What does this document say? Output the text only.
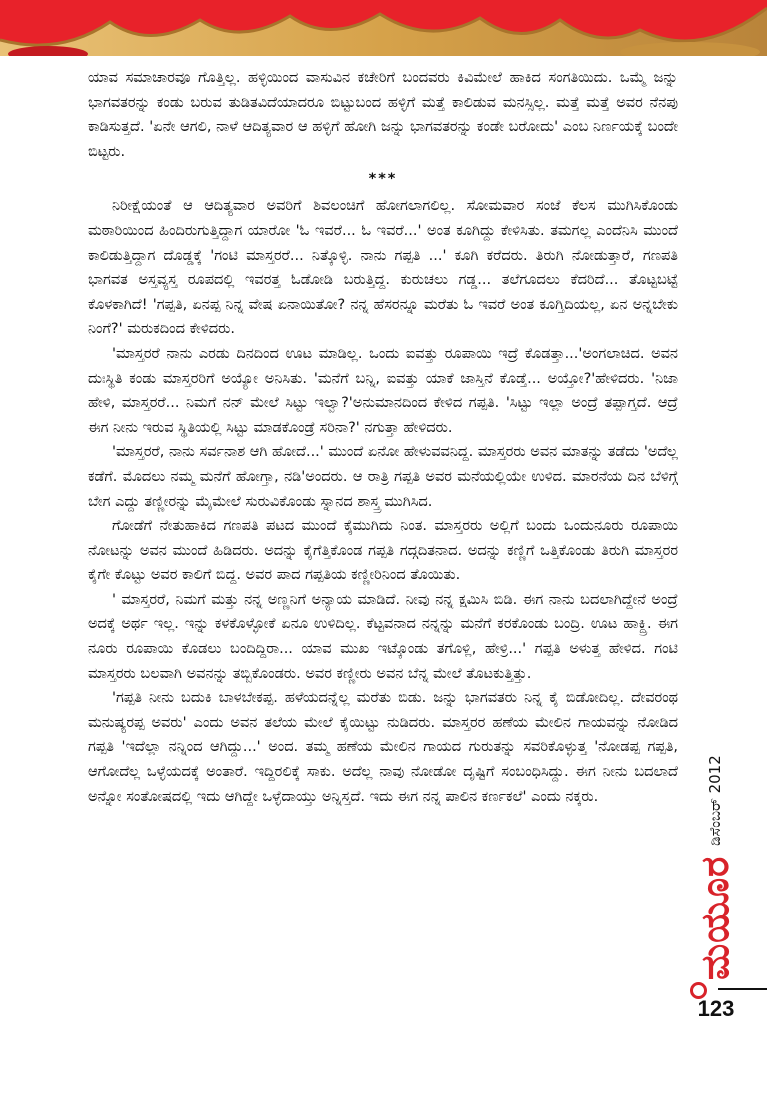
ಯಾವ ಸಮಾಚಾರವೂ ಗೊತ್ತಿಲ್ಲ. ಹಳ್ಳಿಯಿಂದ ವಾಸುವಿನ ಕಚೇರಿಗೆ ಬಂದವರು ಕಿವಿಮೇಲೆ ಹಾಕಿದ ಸಂಗತಿಯಿದು. ಒಮ್ಮೆ ಜನ್ನು ಭಾಗವತರನ್ನು ಕಂಡು ಬರುವ ತುಡಿತವಿದೆಯಾದರೂ ಬಿಟ್ಟುಬಂದ ಹಳ್ಳಿಗೆ ಮತ್ತೆ ಕಾಲಿಡುವ ಮನಸ್ಸಿಲ್ಲ. ಮತ್ತೆ ಮತ್ತೆ ಅವರ ನೆನಪು ಕಾಡಿಸುತ್ತದೆ. 'ಏನೇ ಆಗಲಿ, ನಾಳೆ ಆದಿತ್ಯವಾರ ಆ ಹಳ್ಳಿಗೆ ಹೋಗಿ ಜನ್ನು ಭಾಗವತರನ್ನು ಕಂಡೇ ಬರೋದು' ಎಂಬ ನಿರ್ಣಯಕ್ಕೆ ಬಂದೇ ಬಿಟ್ಟರು.

***

ನಿರೀಕ್ಷೆಯಂತೆ ಆ ಆದಿತ್ಯವಾರ ಅವರಿಗೆ ಶಿವಲಂಚಿಗೆ ಹೋಗಲಾಗಲಿಲ್ಲ. ಸೋಮವಾರ ಸಂಜೆ ಕೆಲಸ ಮುಗಿಸಿಕೊಂಡು ಮಠಾರಿಯಿಂದ ಹಿಂದಿರುಗುತ್ತಿದ್ದಾಗ ಯಾರೋ 'ಓ ಇವರೆ... ಓ ಇವರೆ...' ಅಂತ ಕೂಗಿದ್ದು ಕೇಳಿಸಿತು. ತಮಗಲ್ಲ ಎಂದೆನಿಸಿ ಮುಂದೆ ಕಾಲಿಡುತ್ತಿದ್ದಾಗ ದೊಡ್ಡಕ್ಕೆ 'ಗಂಟಿ ಮಾಸ್ತರರೆ... ನಿತ್ಕೊಳ್ಳಿ. ನಾನು ಗಪ್ಪತಿ ...' ಕೂಗಿ ಕರೆದರು. ತಿರುಗಿ ನೋಡುತ್ತಾರೆ, ಗಣಪತಿ ಭಾಗವತ ಅಸ್ತವ್ಯಸ್ತ ರೂಪದಲ್ಲಿ ಇವರತ್ತ ಓಡೋಡಿ ಬರುತ್ತಿದ್ದ. ಕುರುಚಲು ಗಡ್ಡ... ತಲೆಗೂದಲು ಕೆದರಿದೆ... ತೊಟ್ಟಬಟ್ಟೆ ಕೊಳಕಾಗಿದೆ! 'ಗಪ್ಪತಿ, ಏನಪ್ಪ ನಿನ್ನ ವೇಷ ಏನಾಯಿತೋ? ನನ್ನ ಹೆಸರನ್ನೂ ಮರೆತು ಓ ಇವರೆ ಅಂತ ಕೂಗ್ತಿದಿಯಲ್ಲ, ಏನ ಅನ್ನಬೇಕು ನಿಂಗೆ?' ಮರುಕದಿಂದ ಕೇಳಿದರು.

'ಮಾಸ್ತರರೆ ನಾನು ಎರಡು ದಿನದಿಂದ ಊಟ ಮಾಡಿಲ್ಲ. ಒಂದು ಐವತ್ತು ರೂಪಾಯಿ ಇದ್ರೆ ಕೊಡತ್ತಾ...'ಅಂಗಲಾಚಿದ. ಅವನ ದುಃಸ್ಥಿತಿ ಕಂಡು ಮಾಸ್ತರರಿಗೆ ಅಯ್ಯೋ ಅನಿಸಿತು. 'ಮನೆಗೆ ಬನ್ನಿ, ಐವತ್ತು ಯಾಕೆ ಜಾಸ್ತಿನೆ ಕೊಡ್ತೆ... ಅಯ್ತೋ?'ಹೇಳಿದರು. 'ನಿಜಾ ಹೇಳಿ, ಮಾಸ್ತರರೆ... ನಿಮಗೆ ನನ್ ಮೇಲೆ ಸಿಟ್ಟು ಇಲ್ವಾ?'ಅನುಮಾನದಿಂದ ಕೇಳಿದ ಗಪ್ಪತಿ. 'ಸಿಟ್ಟು ಇಲ್ಲಾ ಅಂದ್ರೆ ತಪ್ಪಾಗ್ತದೆ. ಆದ್ರೆ ಈಗ ನೀನು ಇರುವ ಸ್ಥಿತಿಯಲ್ಲಿ ಸಿಟ್ಟು ಮಾಡಕೊಂಡ್ರೆ ಸರಿನಾ?' ನಗುತ್ತಾ ಹೇಳಿದರು.

'ಮಾಸ್ತರರೆ, ನಾನು ಸರ್ವನಾಶ ಆಗಿ ಹೋದೆ...' ಮುಂದೆ ಏನೋ ಹೇಳುವವನಿದ್ದ. ಮಾಸ್ತರರು ಅವನ ಮಾತನ್ನು ತಡೆದು 'ಅದೆಲ್ಲ ಕಡೆಗೆ. ಮೊದಲು ನಮ್ಮ ಮನೆಗೆ ಹೋಗ್ತಾ, ನಡಿ'ಅಂದರು. ಆ ರಾತ್ರಿ ಗಪ್ಪತಿ ಅವರ ಮನೆಯಲ್ಲಿಯೇ ಉಳಿದ. ಮಾರನೆಯ ದಿನ ಬೆಳಿಗ್ಗೆ ಬೇಗ ಎದ್ದು ತಣ್ಣೀರನ್ನು ಮೈಮೇಲೆ ಸುರುವಿಕೊಂಡು ಸ್ನಾನದ ಶಾಸ್ತ್ರ ಮುಗಿಸಿದ.

ಗೋಡೆಗೆ ನೇತುಹಾಕಿದ ಗಣಪತಿ ಪಟದ ಮುಂದೆ ಕೈಮುಗಿದು ನಿಂತ. ಮಾಸ್ತರರು ಅಲ್ಲಿಗೆ ಬಂದು ಒಂದುನೂರು ರೂಪಾಯಿ ನೋಟನ್ನು ಅವನ ಮುಂದೆ ಹಿಡಿದರು. ಅದನ್ನು ಕೈಗೆತ್ತಿಕೊಂಡ ಗಪ್ಪತಿ ಗದ್ಗದಿತನಾದ. ಅದನ್ನು ಕಣ್ಣಿಗೆ ಒತ್ತಿಕೊಂಡು ತಿರುಗಿ ಮಾಸ್ತರರ ಕೈಗೇ ಕೊಟ್ಟು ಅವರ ಕಾಲಿಗೆ ಬಿದ್ದ. ಅವರ ಪಾದ ಗಪ್ಪತಿಯ ಕಣ್ಣೀರಿನಿಂದ ತೊಯಿತು.

' ಮಾಸ್ತರರೆ, ನಿಮಗೆ ಮತ್ತು ನನ್ನ ಅಣ್ಣನಿಗೆ ಅನ್ಯಾಯ ಮಾಡಿದೆ. ನೀವು ನನ್ನ ಕ್ಷಮಿಸಿ ಬಿಡಿ. ಈಗ ನಾನು ಬದಲಾಗಿದ್ದೇನೆ ಅಂದ್ರೆ ಅದಕ್ಕೆ ಅರ್ಥ ಇಲ್ಲ. ಇನ್ನು ಕಳಕೊಳ್ಳೋಕೆ ಏನೂ ಉಳಿದಿಲ್ಲ. ಕೆಟ್ಟವನಾದ ನನ್ನನ್ನು ಮನೆಗೆ ಕರಕೊಂಡು ಬಂದ್ರಿ. ಊಟ ಹಾಕ್ದ್ರಿ. ಈಗ ನೂರು ರೂಪಾಯಿ ಕೊಡಲು ಬಂದಿದ್ದಿರಾ... ಯಾವ ಮುಖ ಇಟ್ಕೊಂಡು ತಗೊಳ್ಲಿ, ಹೇಳ್ರಿ...' ಗಪ್ಪತಿ ಅಳುತ್ತ ಹೇಳಿದ. ಗಂಟಿ ಮಾಸ್ತರರು ಬಲವಾಗಿ ಅವನನ್ನು ತಬ್ಬಿಕೊಂಡರು. ಅವರ ಕಣ್ಣೀರು ಅವನ ಬೆನ್ನ ಮೇಲೆ ತೊಟಕುತ್ತಿತ್ತು.

'ಗಪ್ಪತಿ ನೀನು ಬದುಕಿ ಬಾಳಬೇಕಪ್ಪ. ಹಳೆಯದನ್ನೆಲ್ಲ ಮರೆತು ಬಿಡು. ಜನ್ನು ಭಾಗವತರು ನಿನ್ನ ಕೈ ಬಿಡೋದಿಲ್ಲ. ದೇವರಂಥ ಮನುಷ್ಯರಪ್ಪ ಅವರು' ಎಂದು ಅವನ ತಲೆಯ ಮೇಲೆ ಕೈಯಿಟ್ಟು ನುಡಿದರು. ಮಾಸ್ತರರ ಹಣೆಯ ಮೇಲಿನ ಗಾಯವನ್ನು ನೋಡಿದ ಗಪ್ಪತಿ 'ಇದೆಲ್ಲಾ ನನ್ನಿಂದ ಆಗಿದ್ದು...' ಅಂದ. ತಮ್ಮ ಹಣೆಯ ಮೇಲಿನ ಗಾಯದ ಗುರುತನ್ನು ಸವರಿಕೊಳ್ಳುತ್ತ 'ನೋಡಪ್ಪ ಗಪ್ಪತಿ, ಆಗೋದೆಲ್ಲ ಒಳ್ಳೆಯದಕ್ಕೆ ಅಂತಾರೆ. ಇದ್ದಿರಲಿಕ್ಕೆ ಸಾಕು. ಅದೆಲ್ಲ ನಾವು ನೋಡೋ ದೃಷ್ಟಿಗೆ ಸಂಬಂಧಿಸಿದ್ದು. ಈಗ ನೀನು ಬದಲಾದೆ ಅನ್ನೋ ಸಂತೋಷದಲ್ಲಿ ಇದು ಆಗಿದ್ದೇ ಒಳ್ಳೆದಾಯ್ತು ಅನ್ನಿಸ್ತದೆ. ಇದು ಈಗ ನನ್ನ ಪಾಲಿನ ಕರ್ಣಕಲೆ' ಎಂದು ನಕ್ಕರು.

ಮಯೂರ
ಡಿಸೆಂಬರ್ 2012
123
